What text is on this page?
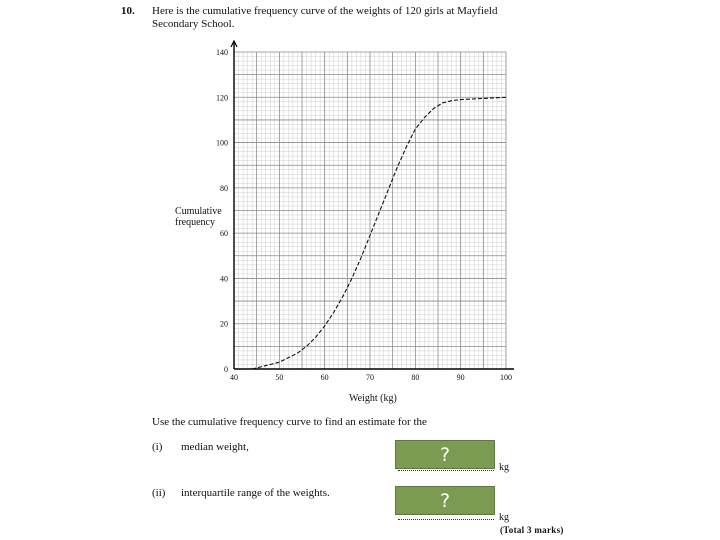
10. Here is the cumulative frequency curve of the weights of 120 girls at Mayfield
Secondary School.
40	50	60	70	80	90	100
0
20
40
60
80
100
120
140
Cumulative
frequency
Weight (kg)
Use the cumulative frequency curve to find an estimate for the
(i) median weight,	?
kg
(ii) interquartile range of the weights.	?
kg
(Total 3 marks)
